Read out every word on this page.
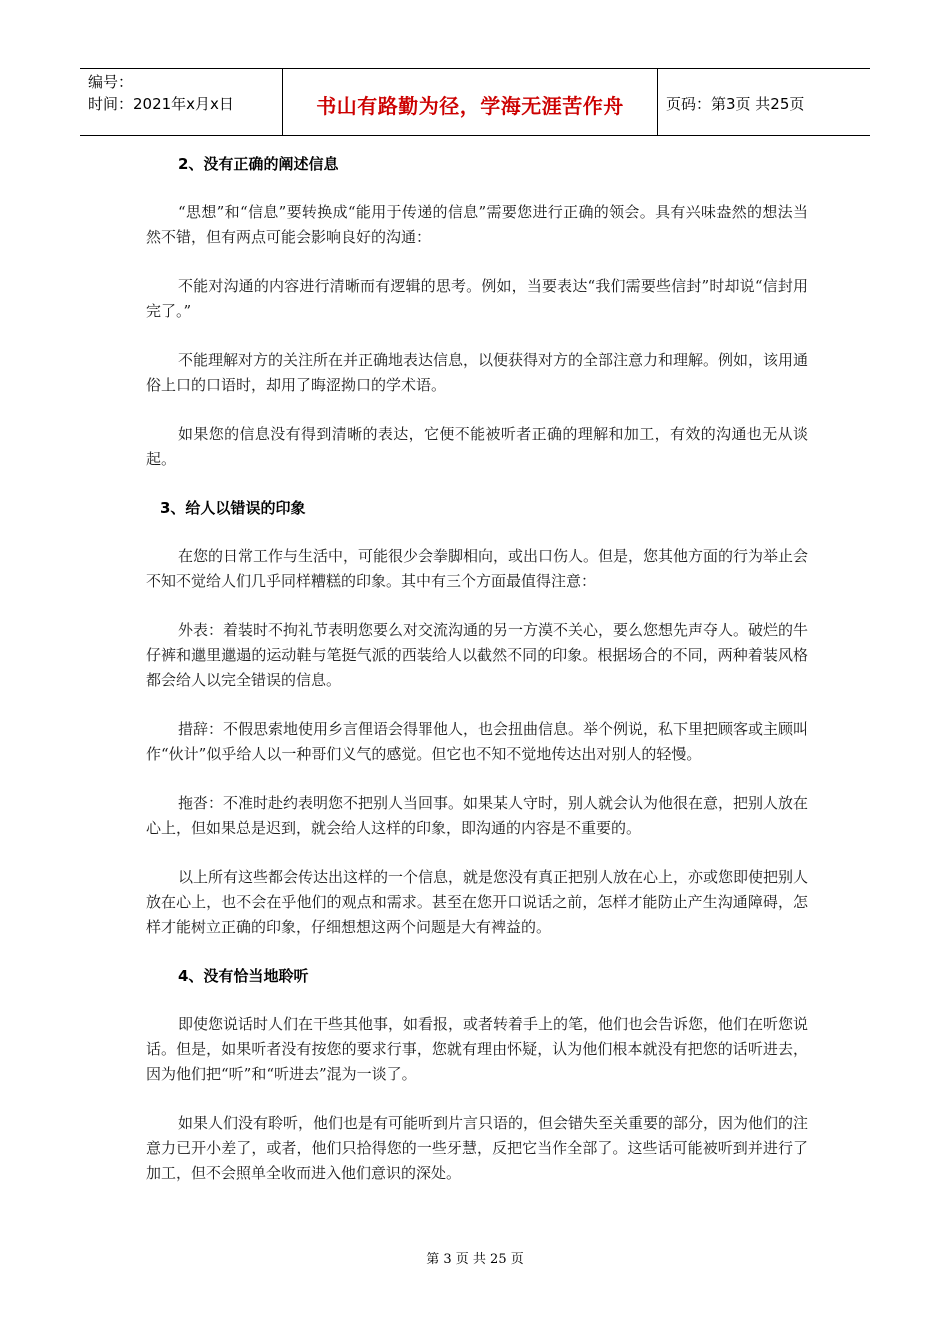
编号：
时间：2021年x月x日	书山有路勤为径，学海无涯苦作舟	页码：第3页 共25页
2、没有正确的阐述信息

“思想”和“信息”要转换成“能用于传递的信息”需要您进行正确的领会。具有兴味盎然的想法当然不错，但有两点可能会影响良好的沟通：

不能对沟通的内容进行清晰而有逻辑的思考。例如，当要表达“我们需要些信封”时却说“信封用完了。”

不能理解对方的关注所在并正确地表达信息，以便获得对方的全部注意力和理解。例如，该用通俗上口的口语时，却用了晦涩拗口的学术语。

如果您的信息没有得到清晰的表达，它便不能被听者正确的理解和加工，有效的沟通也无从谈起。

3、给人以错误的印象

在您的日常工作与生活中，可能很少会拳脚相向，或出口伤人。但是，您其他方面的行为举止会不知不觉给人们几乎同样糟糕的印象。其中有三个方面最值得注意：

外表：着装时不拘礼节表明您要么对交流沟通的另一方漠不关心，要么您想先声夺人。破烂的牛仔裤和邋里邋遢的运动鞋与笔挺气派的西装给人以截然不同的印象。根据场合的不同，两种着装风格都会给人以完全错误的信息。

措辞：不假思索地使用乡言俚语会得罪他人，也会扭曲信息。举个例说，私下里把顾客或主顾叫作“伙计”似乎给人以一种哥们义气的感觉。但它也不知不觉地传达出对别人的轻慢。

拖沓：不准时赴约表明您不把别人当回事。如果某人守时，别人就会认为他很在意，把别人放在心上，但如果总是迟到，就会给人这样的印象，即沟通的内容是不重要的。

以上所有这些都会传达出这样的一个信息，就是您没有真正把别人放在心上，亦或您即使把别人放在心上，也不会在乎他们的观点和需求。甚至在您开口说话之前，怎样才能防止产生沟通障碍，怎样才能树立正确的印象，仔细想想这两个问题是大有裨益的。

4、没有恰当地聆听

即使您说话时人们在干些其他事，如看报，或者转着手上的笔，他们也会告诉您，他们在听您说话。但是，如果听者没有按您的要求行事，您就有理由怀疑，认为他们根本就没有把您的话听进去，因为他们把“听”和“听进去”混为一谈了。

如果人们没有聆听，他们也是有可能听到片言只语的，但会错失至关重要的部分，因为他们的注意力已开小差了，或者，他们只拾得您的一些牙慧，反把它当作全部了。这些话可能被听到并进行了加工，但不会照单全收而进入他们意识的深处。

第 3 页 共 25 页
